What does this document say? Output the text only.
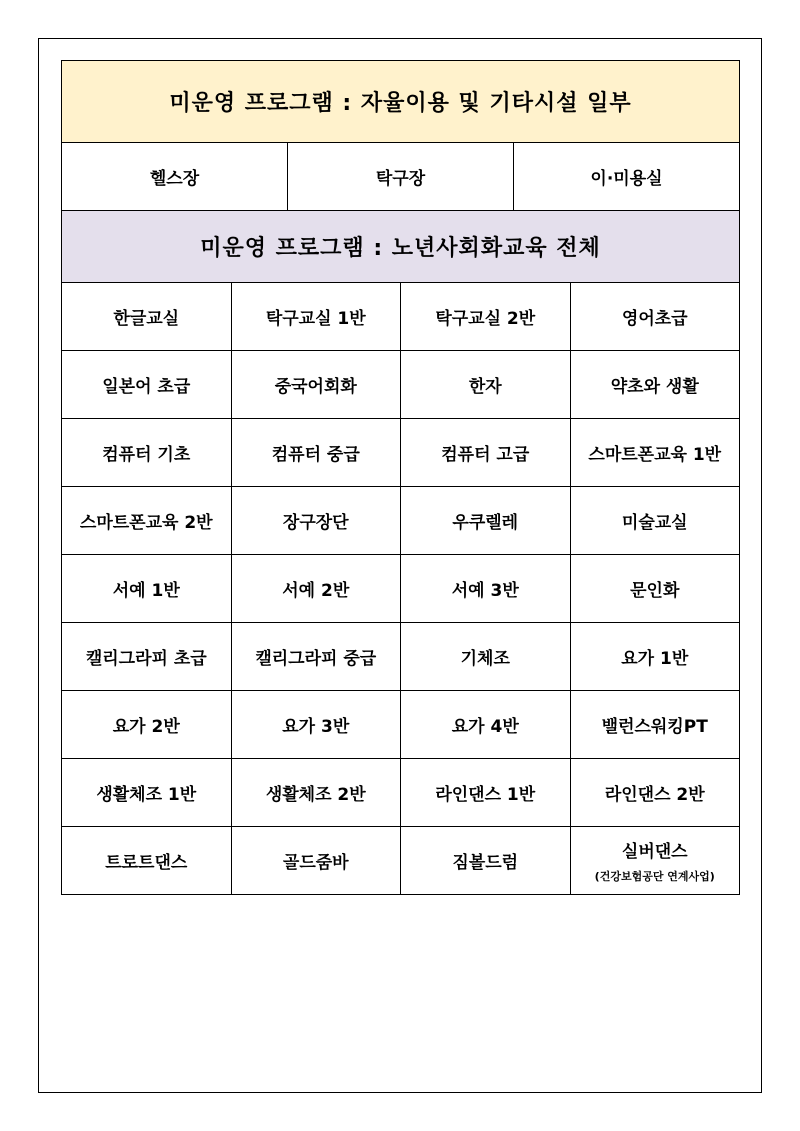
미운영 프로그램 : 자율이용 및 기타시설 일부
헬스장	탁구장	이·미용실
미운영 프로그램 : 노년사회화교육 전체			
한글교실	탁구교실 1반	탁구교실 2반	영어초급
일본어 초급	중국어회화	한자	약초와 생활
컴퓨터 기초	컴퓨터 중급	컴퓨터 고급	스마트폰교육 1반
스마트폰교육 2반	장구장단	우쿠렐레	미술교실
서예 1반	서예 2반	서예 3반	문인화
캘리그라피 초급	캘리그라피 중급	기체조	요가 1반
요가 2반	요가 3반	요가 4반	밸런스워킹PT
생활체조 1반	생활체조 2반	라인댄스 1반	라인댄스 2반
트로트댄스	골드줌바	짐볼드럼	실버댄스
(건강보험공단 연계사업)
